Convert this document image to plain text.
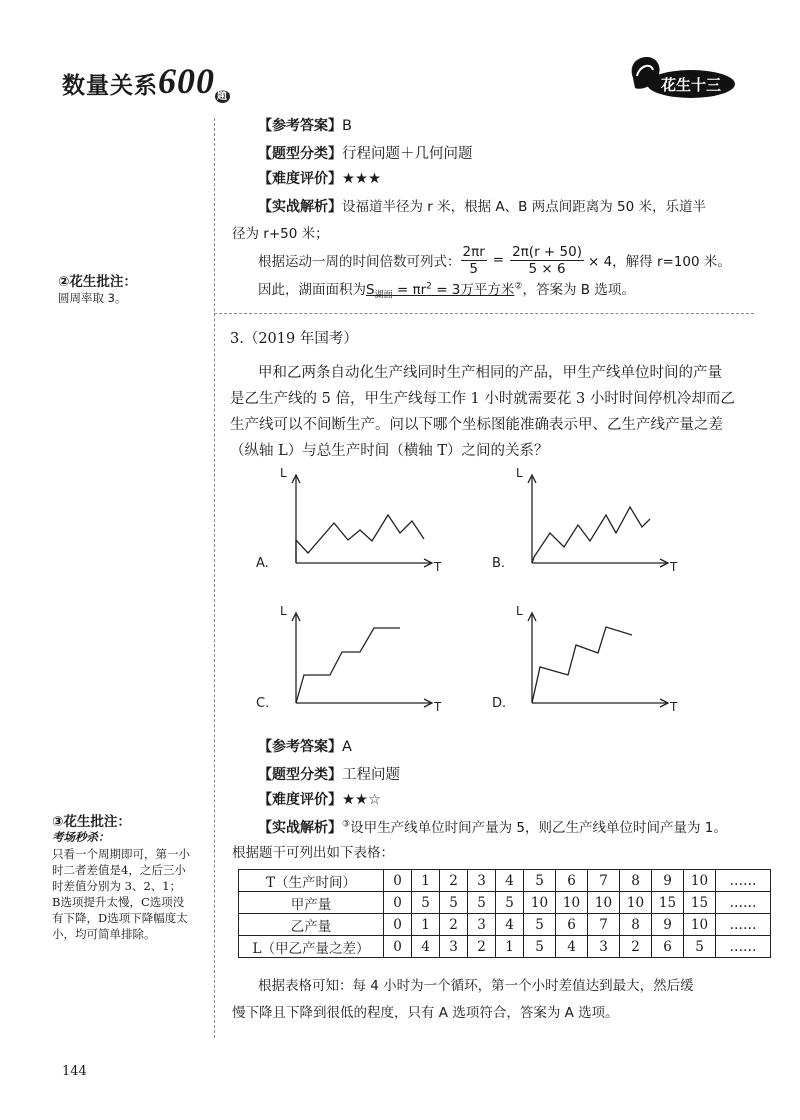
数量关系600 题
花生十三
【参考答案】B
【题型分类】行程问题＋几何问题
【难度评价】★★★
【实战解析】设福道半径为 r 米，根据 A、B 两点间距离为 50 米，乐道半
径为 r+50 米；
根据运动一周的时间倍数可列式： $\frac{2\pi r}{5} = \frac{2\pi(r + 50)}{5 \times 6} \times 4$，解得 r=100 米。
因此，湖面面积为$S_{湖面} = \pi r^2 = 3$万平方米②，答案为 B 选项。
②花生批注：
圆周率取 3。
3.（2019 年国考）
甲和乙两条自动化生产线同时生产相同的产品，甲生产线单位时间的产量
是乙生产线的 5 倍，甲生产线每工作 1 小时就需要花 3 小时时间停机冷却而乙
生产线可以不间断生产。问以下哪个坐标图能准确表示甲、乙生产线产量之差
（纵轴 L）与总生产时间（横轴 T）之间的关系？
L
T
A.
L
T
B.
L
T
C.
L
T
D.
【参考答案】A
【题型分类】工程问题
【难度评价】★★☆
【实战解析】③设甲生产线单位时间产量为 5，则乙生产线单位时间产量为 1。
根据题干可列出如下表格：
T（生产时间）	0	1	2	3	4	5	6	7	8	9	10	……
甲产量	0	5	5	5	5	10	10	10	10	15	15	……
乙产量	0	1	2	3	4	5	6	7	8	9	10	……
L（甲乙产量之差）	0	4	3	2	1	5	4	3	2	6	5	……
根据表格可知：每 4 小时为一个循环，第一个小时差值达到最大，然后缓
慢下降且下降到很低的程度，只有 A 选项符合，答案为 A 选项。
③花生批注：
考场秒杀：
只看一个周期即可，第一小
时二者差值是4，之后三小
时差值分别为 3、2、1；
B选项提升太慢，C选项没
有下降，D选项下降幅度太
小，均可简单排除。
144
